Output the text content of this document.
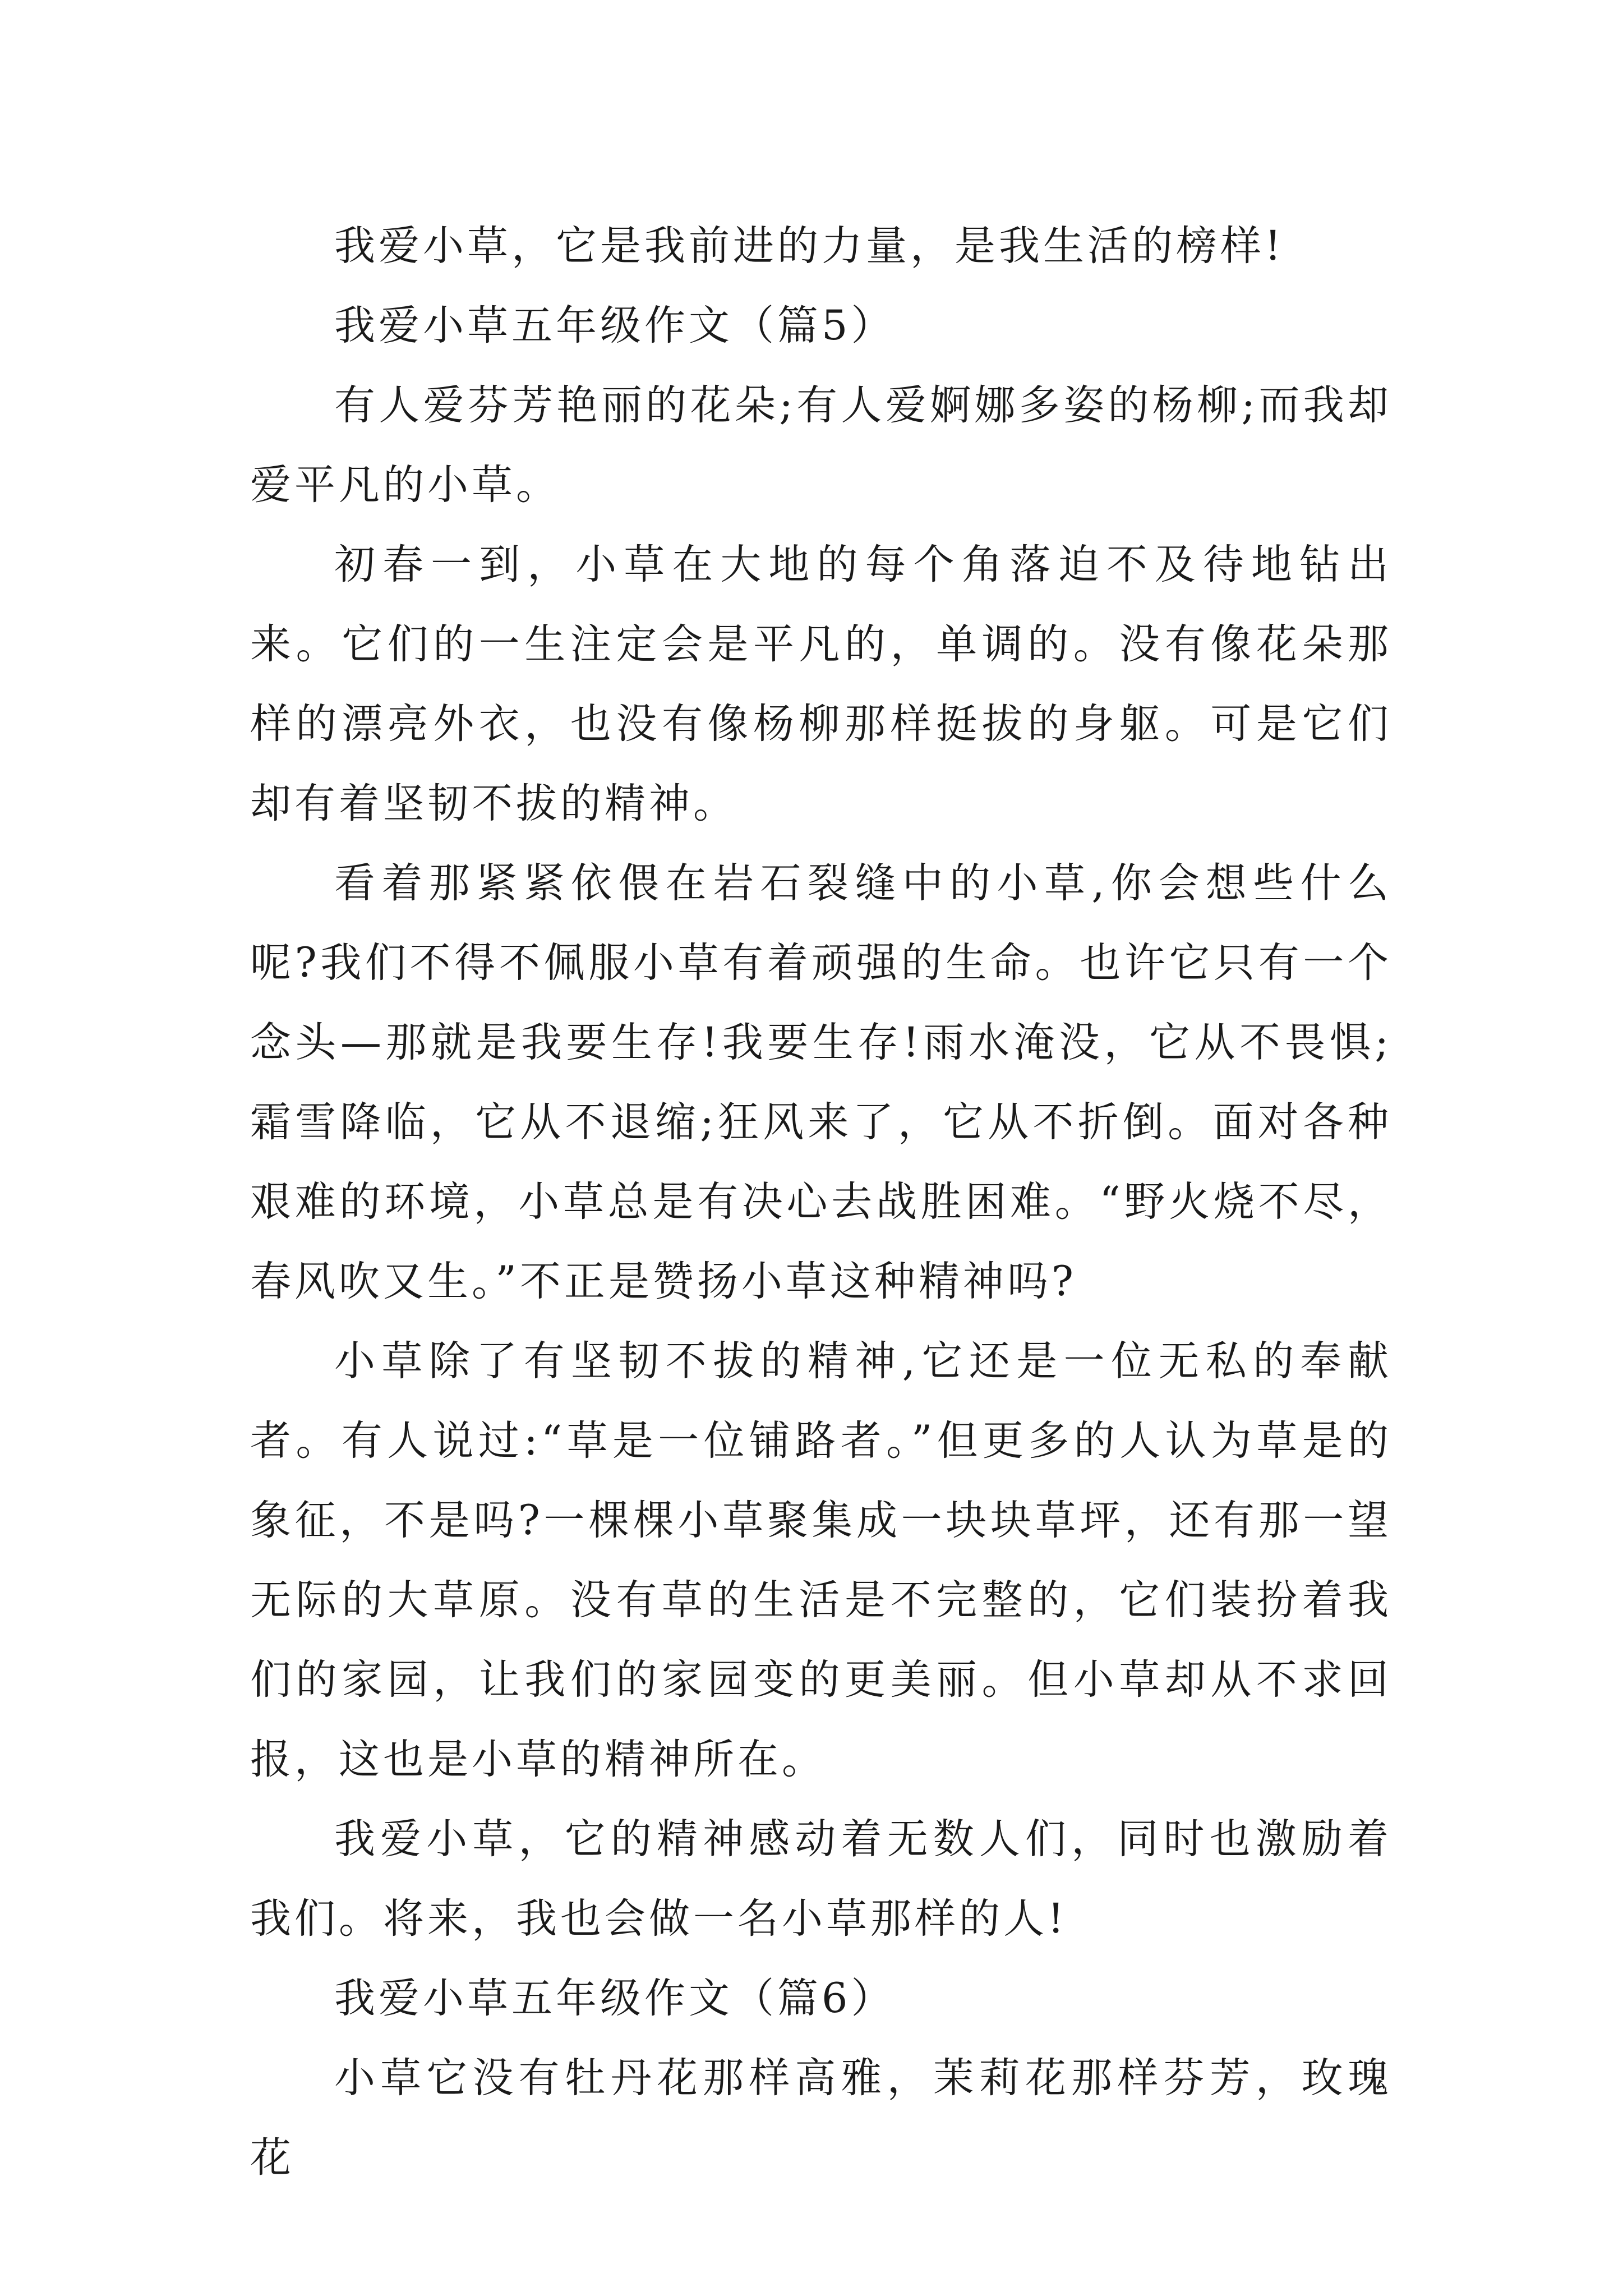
我爱小草，它是我前进的力量，是我生活的榜样!

我爱小草五年级作文（篇5）

有人爱芬芳艳丽的花朵;有人爱婀娜多姿的杨柳;而我却爱平凡的小草。

初春一到，小草在大地的每个角落迫不及待地钻出来。它们的一生注定会是平凡的，单调的。没有像花朵那样的漂亮外衣，也没有像杨柳那样挺拔的身躯。可是它们却有着坚韧不拔的精神。

看着那紧紧依偎在岩石裂缝中的小草,你会想些什么呢?我们不得不佩服小草有着顽强的生命。也许它只有一个念头—那就是我要生存!我要生存!雨水淹没，它从不畏惧;霜雪降临，它从不退缩;狂风来了，它从不折倒。面对各种艰难的环境，小草总是有决心去战胜困难。“野火烧不尽，春风吹又生。”不正是赞扬小草这种精神吗?

小草除了有坚韧不拔的精神,它还是一位无私的奉献者。有人说过:“草是一位铺路者。”但更多的人认为草是的象征，不是吗?一棵棵小草聚集成一块块草坪，还有那一望无际的大草原。没有草的生活是不完整的，它们装扮着我们的家园，让我们的家园变的更美丽。但小草却从不求回报，这也是小草的精神所在。

我爱小草，它的精神感动着无数人们，同时也激励着我们。将来，我也会做一名小草那样的人!

我爱小草五年级作文（篇6）

小草它没有牡丹花那样高雅，茉莉花那样芬芳，玫瑰花
